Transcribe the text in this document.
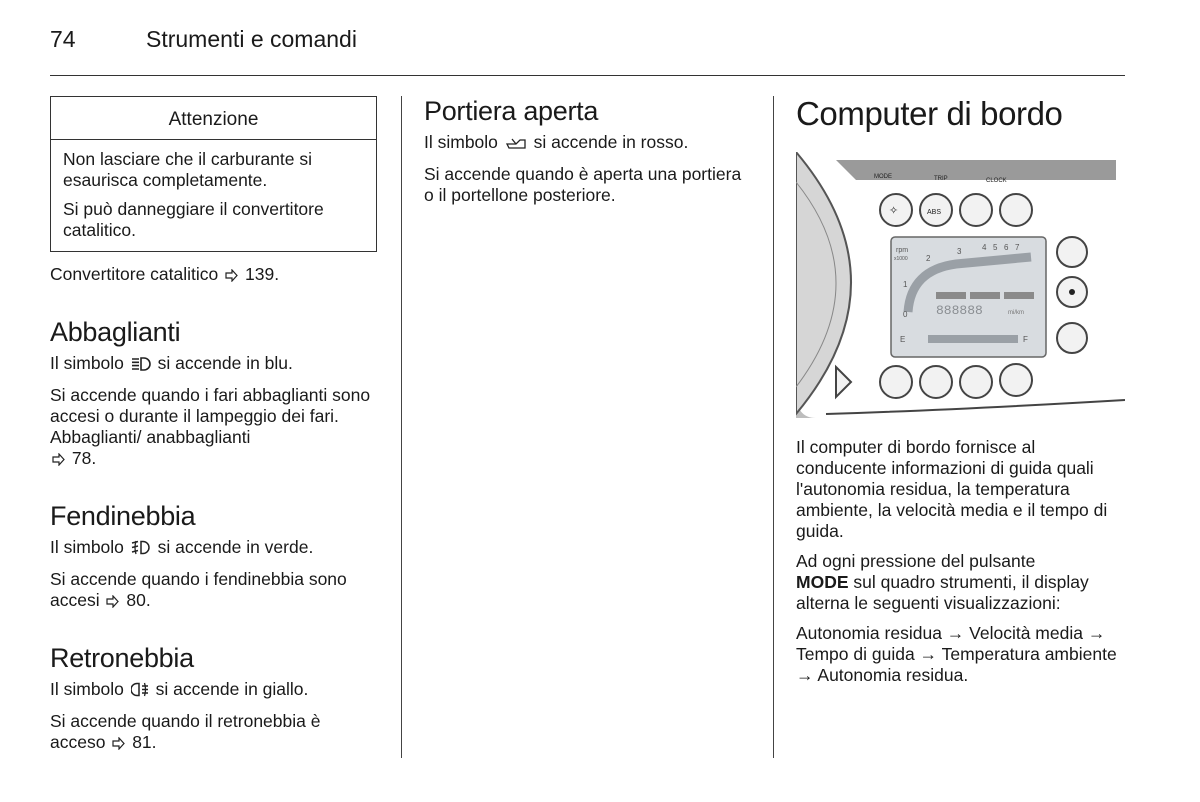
74	Strumenti e comandi
Attenzione

Non lasciare che il carburante si esaurisca completamente.

Si può danneggiare il convertitore catalitico.

Convertitore catalitico 139.

Abbaglianti

Il simbolo si accende in blu.

Si accende quando i fari abbaglianti sono accesi o durante il lampeggio dei fari. Abbaglianti/ anabbaglianti
78.

Fendinebbia

Il simbolo si accende in verde.

Si accende quando i fendinebbia sono accesi 80.

Retronebbia

Il simbolo si accende in giallo.

Si accende quando il retronebbia è acceso 81.

Portiera aperta

Il simbolo si accende in rosso.

Si accende quando è aperta una portiera o il portellone posteriore.

Computer di bordo
MODE	TRIP	CLOCK
✧	ABS
rpm
x1000
0
1
2
3	4 5 6 7
888888	mi/km
E	F

Il computer di bordo fornisce al conducente informazioni di guida quali l'autonomia residua, la temperatura ambiente, la velocità media e il tempo di guida.

Ad ogni pressione del pulsante
MODE sul quadro strumenti, il display alterna le seguenti visualizzazioni:

Autonomia residua → Velocità media → Tempo di guida → Temperatura ambiente → Autonomia residua.
